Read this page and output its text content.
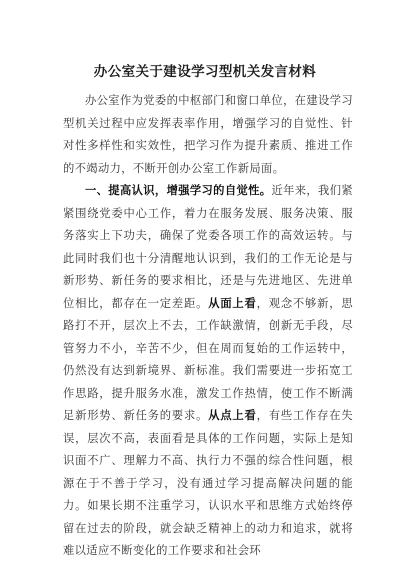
办公室关于建设学习型机关发言材料

办公室作为党委的中枢部门和窗口单位，在建设学习型机关过程中应发挥表率作用，增强学习的自觉性、针对性多样性和实效性，把学习作为提升素质、推进工作的不竭动力，不断开创办公室工作新局面。

一、提高认识，增强学习的自觉性。近年来，我们紧紧围绕党委中心工作，着力在服务发展、服务决策、服务落实上下功夫，确保了党委各项工作的高效运转。与此同时我们也十分清醒地认识到，我们的工作无论是与新形势、新任务的要求相比，还是与先进地区、先进单位相比，都存在一定差距。从面上看，观念不够新，思路打不开，层次上不去，工作缺激情，创新无手段，尽管努力不小，辛苦不少，但在周而复始的工作运转中，仍然没有达到新境界、新标准。我们需要进一步拓宽工作思路，提升服务水准，激发工作热情，使工作不断满足新形势、新任务的要求。从点上看，有些工作存在失误，层次不高，表面看是具体的工作问题，实际上是知识面不广、理解力不高、执行力不强的综合性问题，根源在于不善于学习，没有通过学习提高解决问题的能力。如果长期不注重学习，认识水平和思维方式始终停留在过去的阶段，就会缺乏精神上的动力和追求，就将难以适应不断变化的工作要求和社会环
